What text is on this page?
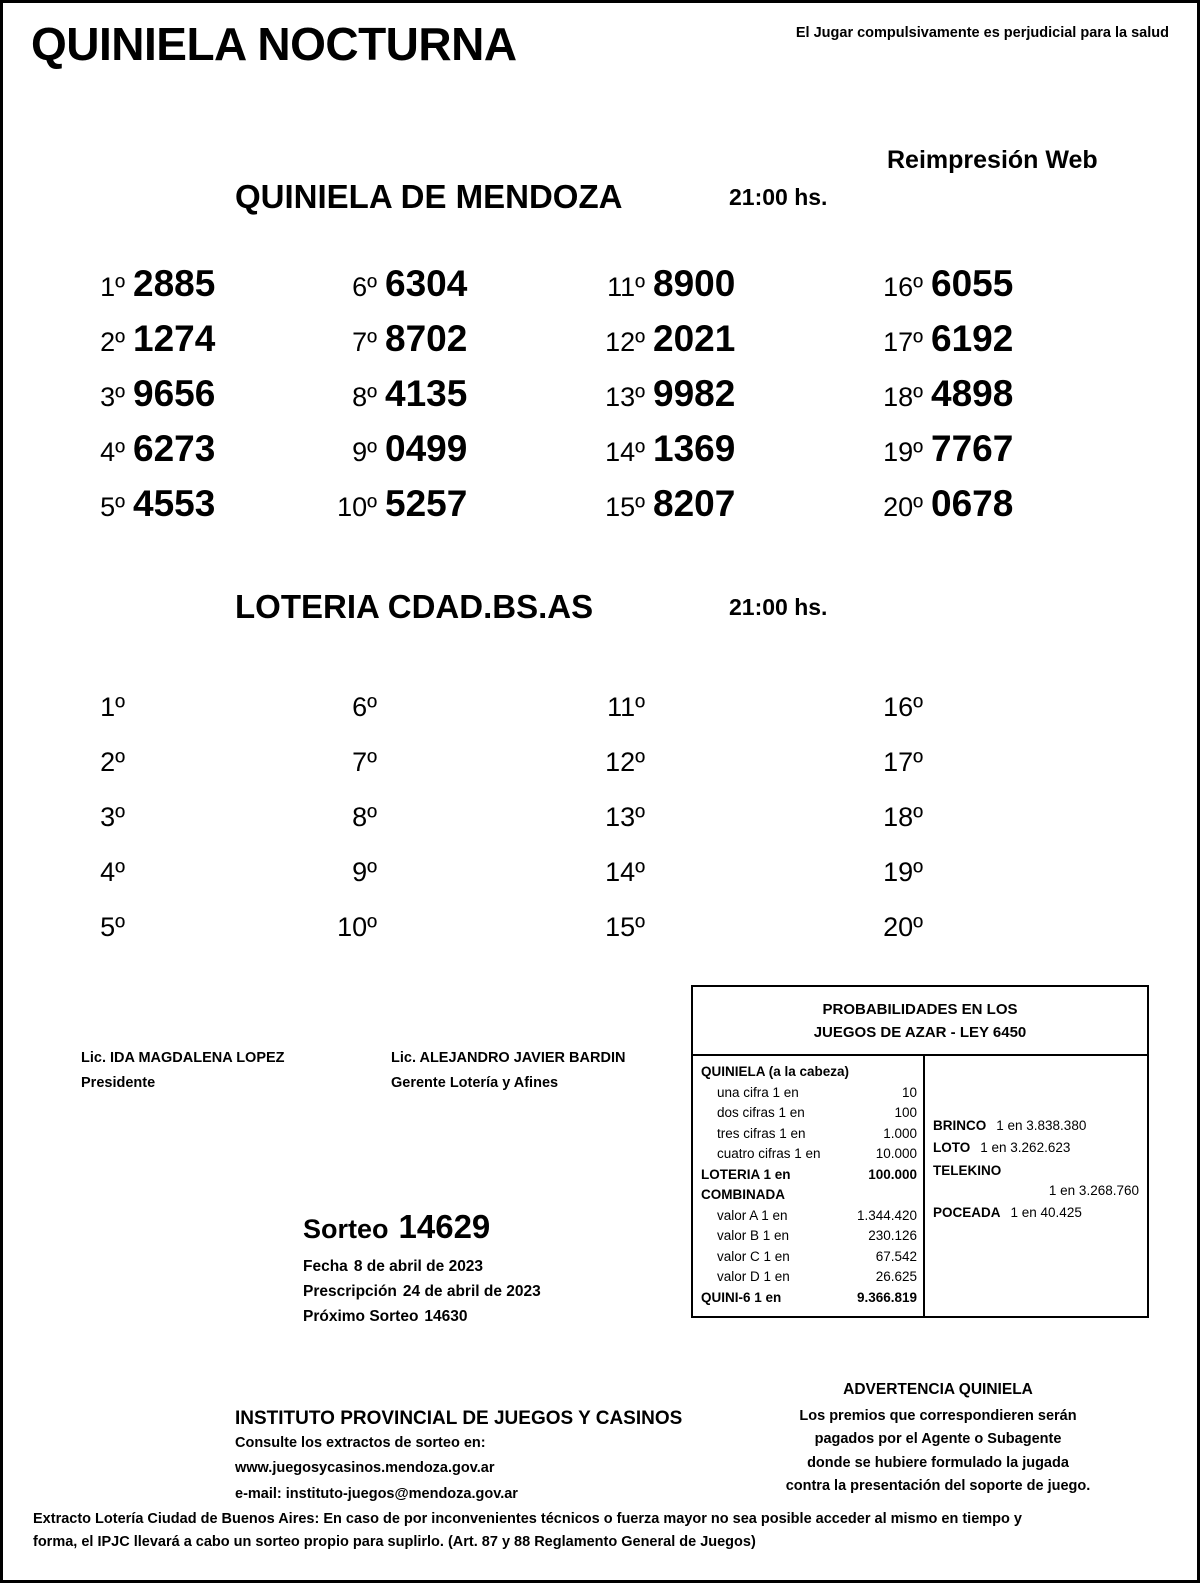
QUINIELA NOCTURNA	El Jugar compulsivamente es perjudicial para la salud
Reimpresión Web
QUINIELA DE MENDOZA	21:00 hs.
1º 2885
2º 1274
3º 9656
4º 6273
5º 4553
6º 6304
7º 8702
8º 4135
9º 0499
10º 5257
11º 8900
12º 2021
13º 9982
14º 1369
15º 8207
16º 6055
17º 6192
18º 4898
19º 7767
20º 0678
LOTERIA CDAD.BS.AS	21:00 hs.
1º
2º
3º
4º
5º
6º
7º
8º
9º
10º
11º
12º
13º
14º
15º
16º
17º
18º
19º
20º
Lic. IDA MAGDALENA LOPEZ
Presidente
Lic. ALEJANDRO JAVIER BARDIN
Gerente Lotería y Afines
Sorteo 14629
Fecha 8 de abril de 2023
Prescripción 24 de abril de 2023
Próximo Sorteo 14630
PROBABILIDADES EN LOS
JUEGOS DE AZAR - LEY 6450
QUINIELA (a la cabeza)
una cifra 1 en	10
dos cifras 1 en	100
tres cifras 1 en	1.000
cuatro cifras 1 en	10.000
LOTERIA 1 en	100.000
COMBINADA
valor A 1 en	1.344.420
valor B 1 en	230.126
valor C 1 en	67.542
valor D 1 en	26.625
QUINI-6 1 en	9.366.819
BRINCO 1 en 3.838.380
LOTO 1 en 3.262.623
TELEKINO
1 en 3.268.760
POCEADA 1 en 40.425
ADVERTENCIA QUINIELA
Los premios que correspondieren serán
pagados por el Agente o Subagente
donde se hubiere formulado la jugada
contra la presentación del soporte de juego.
INSTITUTO PROVINCIAL DE JUEGOS Y CASINOS
Consulte los extractos de sorteo en:
www.juegosycasinos.mendoza.gov.ar
e-mail: instituto-juegos@mendoza.gov.ar
Extracto Lotería Ciudad de Buenos Aires: En caso de por inconvenientes técnicos o fuerza mayor no sea posible acceder al mismo en tiempo y
forma, el IPJC llevará a cabo un sorteo propio para suplirlo. (Art. 87 y 88 Reglamento General de Juegos)
